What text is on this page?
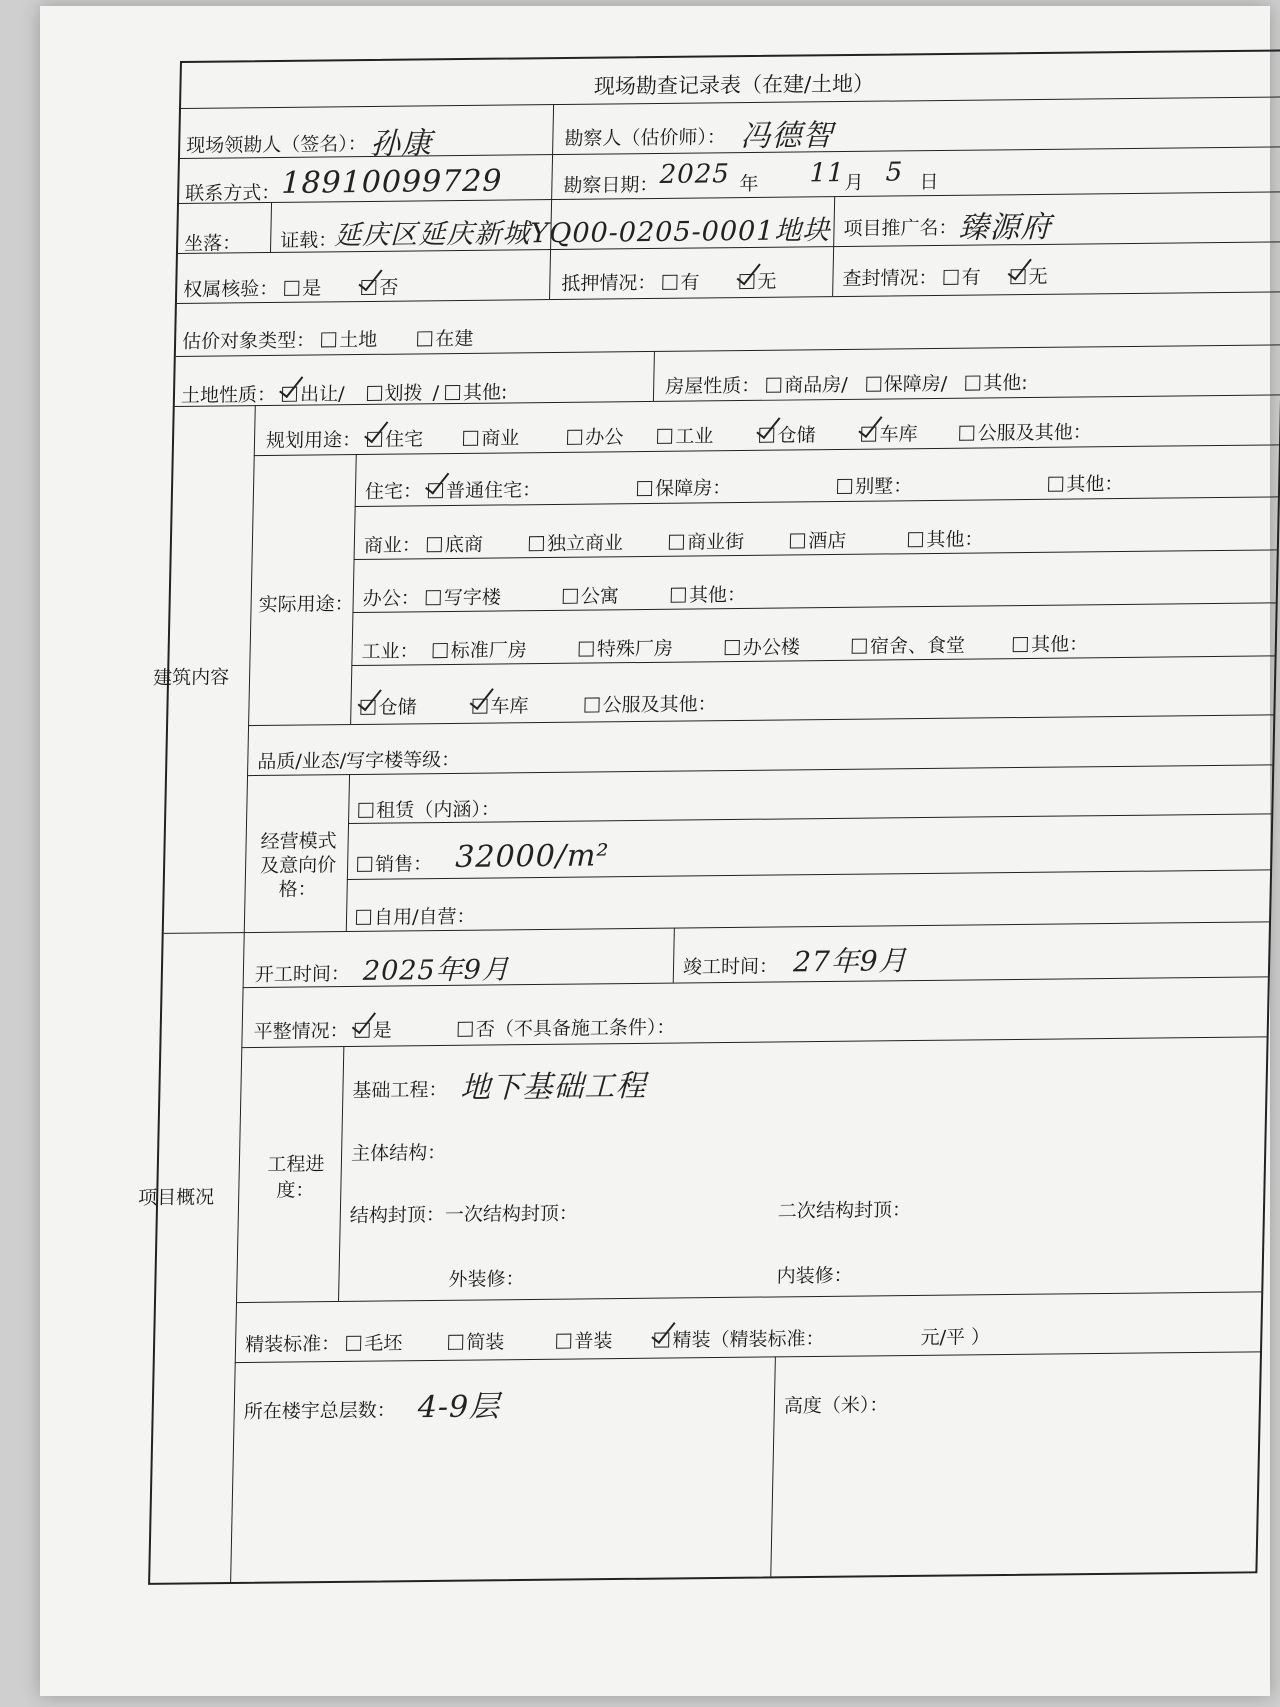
现场勘查记录表（在建/土地）
现场领勘人（签名）： 孙康	勘察人（估价师）： 冯德智
联系方式： 18910099729	勘察日期： 2025 年 11 月 5 日
坐落： 证载：
延庆区延庆新城YQ00-0205-0001地块 项目推广名： 臻源府
权属核验： 是	否	抵押情况： 有	无	查封情况： 有	无
估价对象类型： 土地	在建
土地性质： 出让/ 划拨 / 其他:	房屋性质： 商品房/ 保障房/ 其他:
建筑内容
规划用途： 住宅	商业	办公	工业	仓储	车库	公服及其他：
实际用途：
住宅： 普通住宅：	保障房：	别墅：	其他：
商业： 底商	独立商业	商业街	酒店	其他：
办公： 写字楼	公寓	其他：
工业： 标准厂房	特殊厂房	办公楼	宿舍、食堂	其他：
仓储	车库	公服及其他：
品质/业态/写字楼等级：
经营模式及意向价格：
租赁（内涵）：
销售： 32000/m²
自用/自营：
项目概况
开工时间： 2025年9月	竣工时间： 27年9月
平整情况： 是	否（不具备施工条件）：
工程进度：
基础工程： 地下基础工程
主体结构：
结构封顶：一次结构封顶：	二次结构封顶：
外装修：	内装修：
精装标准： 毛坯	简装	普装	精装（精装标准：	元/平 ）
所在楼宇总层数： 4-9层	高度（米）：
